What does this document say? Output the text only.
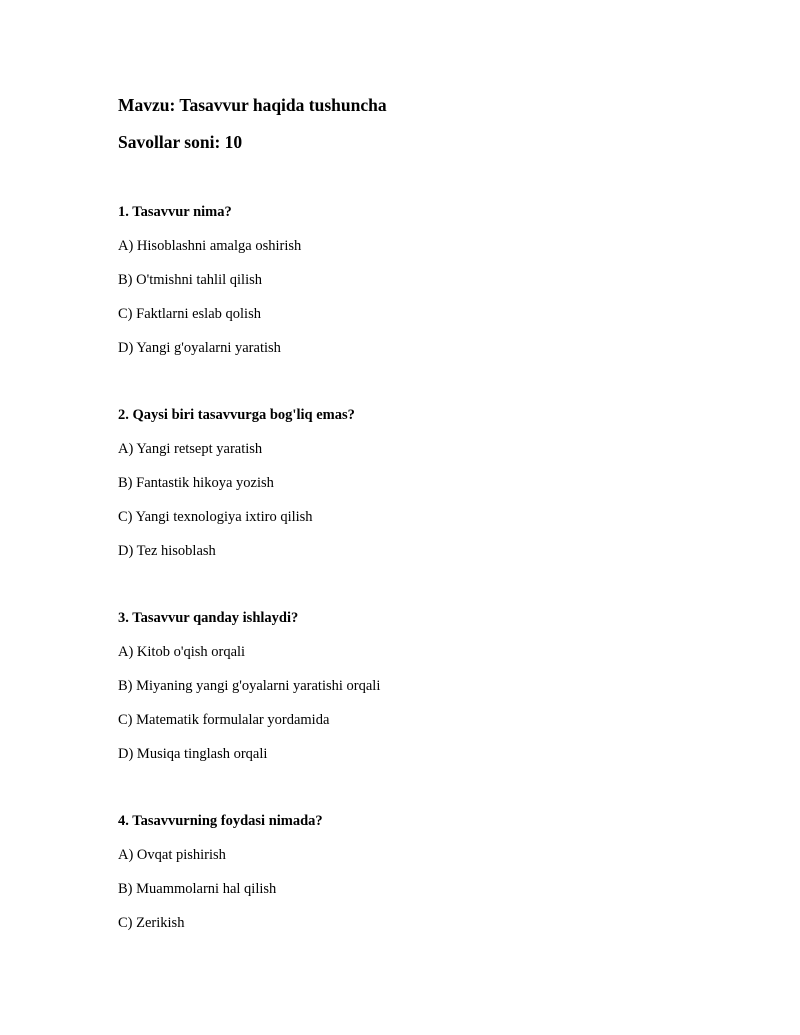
Mavzu: Tasavvur haqida tushuncha
Savollar soni: 10
1. Tasavvur nima?
A) Hisoblashni amalga oshirish
B) O'tmishni tahlil qilish
C) Faktlarni eslab qolish
D) Yangi g'oyalarni yaratish
2. Qaysi biri tasavvurga bog'liq emas?
A) Yangi retsept yaratish
B) Fantastik hikoya yozish
C) Yangi texnologiya ixtiro qilish
D) Tez hisoblash
3. Tasavvur qanday ishlaydi?
A) Kitob o'qish orqali
B) Miyaning yangi g'oyalarni yaratishi orqali
C) Matematik formulalar yordamida
D) Musiqa tinglash orqali
4. Tasavvurning foydasi nimada?
A) Ovqat pishirish
B) Muammolarni hal qilish
C) Zerikish
